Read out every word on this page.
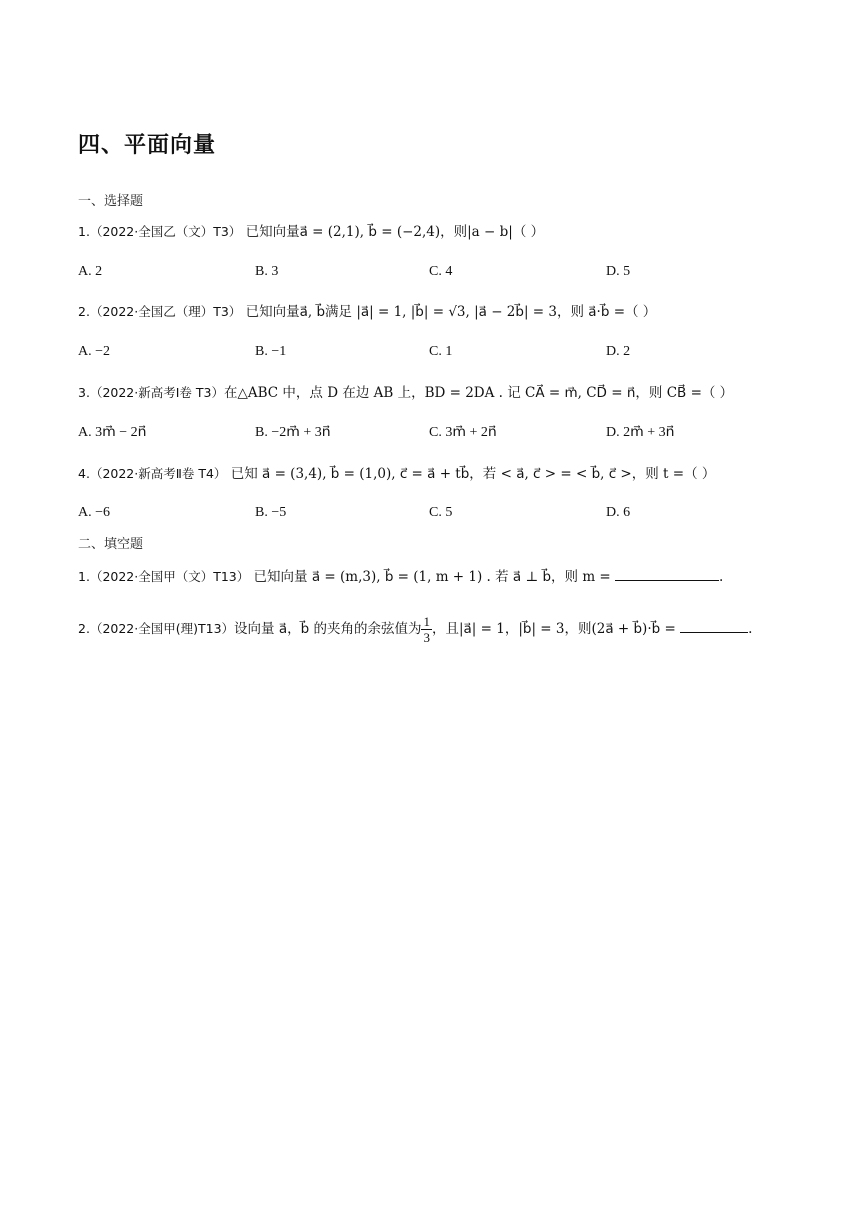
四、平面向量
一、选择题
1.（2022·全国乙（文）T3） 已知向量a⃗ = (2,1), b⃗ = (−2,4)，则|a − b|（ ）
A. 2	B. 3	C. 4	D. 5
2.（2022·全国乙（理）T3） 已知向量a⃗, b⃗满足 |a⃗| = 1, |b⃗| = √3, |a⃗ − 2b⃗| = 3，则 a⃗·b⃗ =（ ）
A. −2	B. −1	C. 1	D. 2
3.（2022·新高考Ⅰ卷 T3）在△ABC 中，点 D 在边 AB 上，BD = 2DA . 记 CA⃗ = m⃗, CD⃗ = n⃗，则 CB⃗ =（ ）
A. 3m⃗ − 2n⃗	B. −2m⃗ + 3n⃗	C. 3m⃗ + 2n⃗	D. 2m⃗ + 3n⃗
4.（2022·新高考Ⅱ卷 T4） 已知 a⃗ = (3,4), b⃗ = (1,0), c⃗ = a⃗ + tb⃗，若 < a⃗, c⃗ > = < b⃗, c⃗ >，则 t =（ ）
A. −6	B. −5	C. 5	D. 6
二、填空题
1.（2022·全国甲（文）T13） 已知向量 a⃗ = (m,3), b⃗ = (1, m + 1) . 若 a⃗ ⊥ b⃗，则 m =	.
2.（2022·全国甲(理)T13）设向量 a⃗，b⃗ 的夹角的余弦值为 $\frac{1}{3}$ ，且|a⃗| = 1，|b⃗| = 3，则(2a⃗ + b⃗)·b⃗ =	.
